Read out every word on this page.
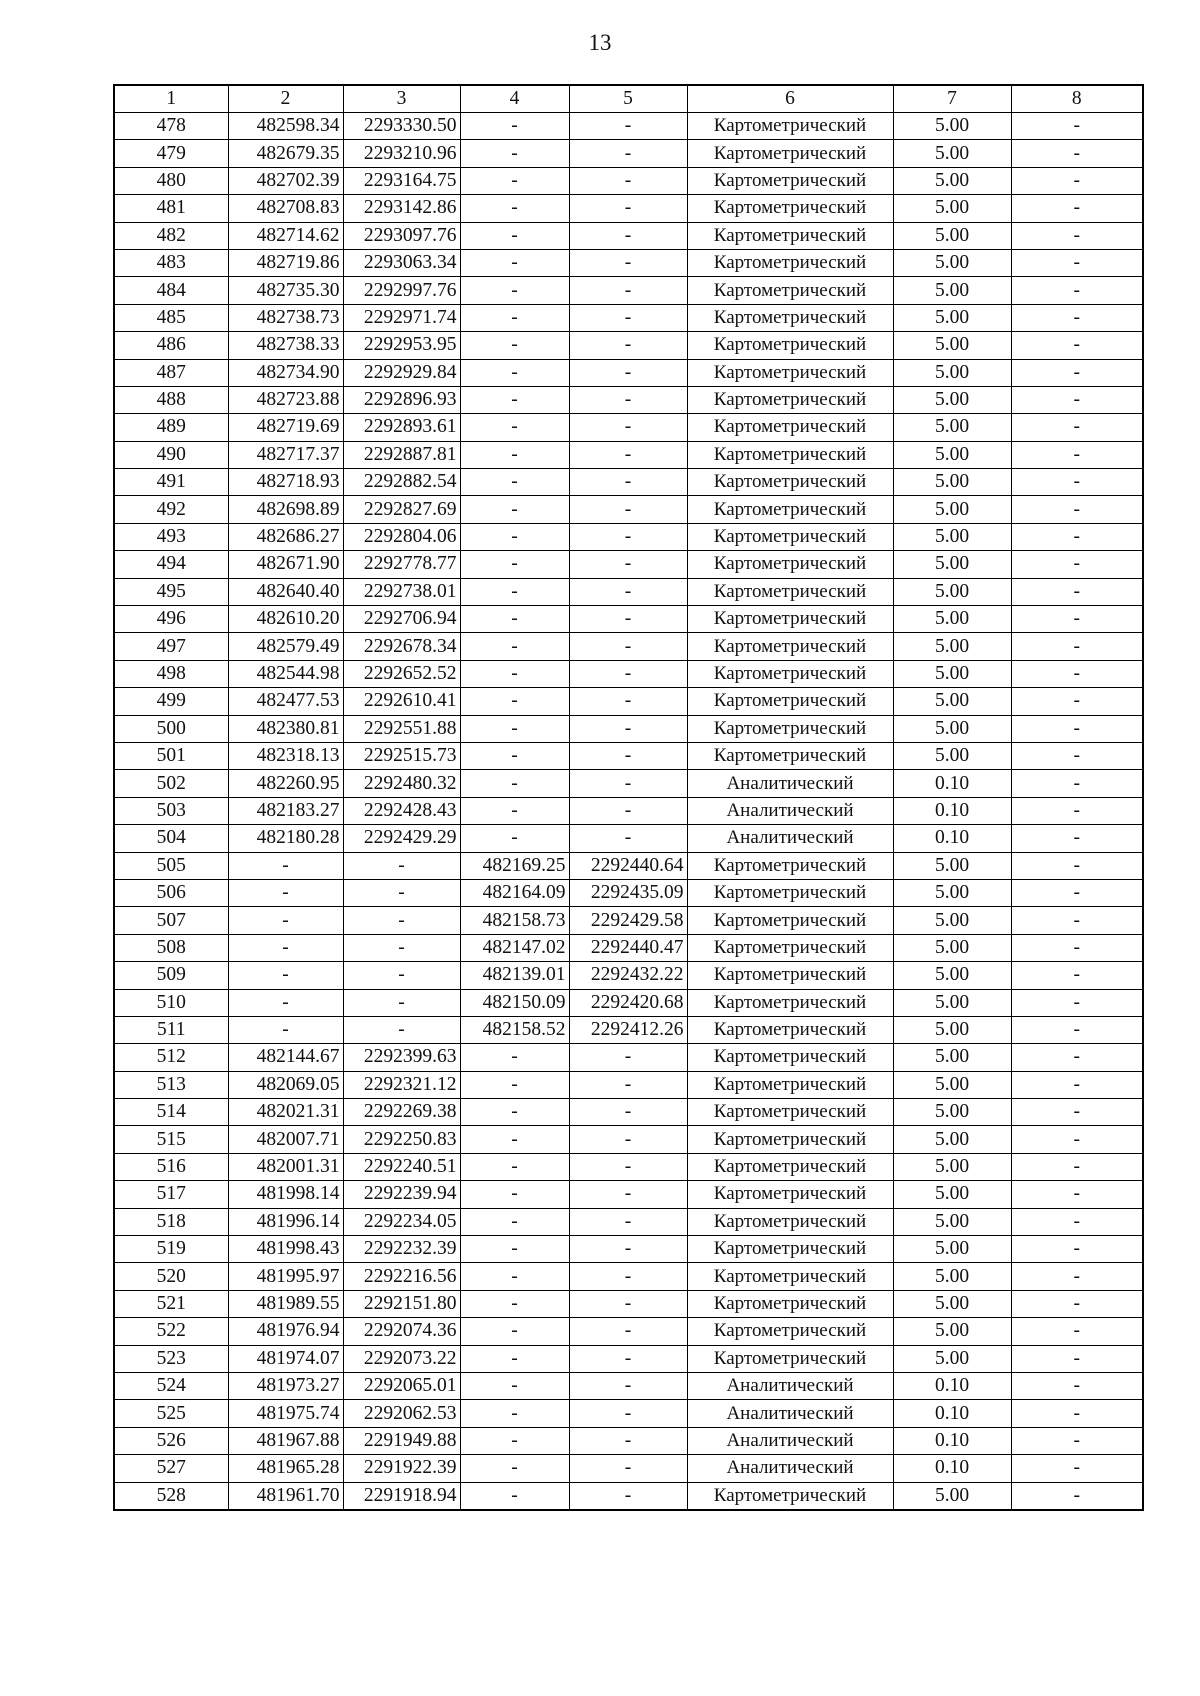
13
1	2	3	4	5	6	7	8
478	482598.34	2293330.50	-	-	Картометрический	5.00	-
479	482679.35	2293210.96	-	-	Картометрический	5.00	-
480	482702.39	2293164.75	-	-	Картометрический	5.00	-
481	482708.83	2293142.86	-	-	Картометрический	5.00	-
482	482714.62	2293097.76	-	-	Картометрический	5.00	-
483	482719.86	2293063.34	-	-	Картометрический	5.00	-
484	482735.30	2292997.76	-	-	Картометрический	5.00	-
485	482738.73	2292971.74	-	-	Картометрический	5.00	-
486	482738.33	2292953.95	-	-	Картометрический	5.00	-
487	482734.90	2292929.84	-	-	Картометрический	5.00	-
488	482723.88	2292896.93	-	-	Картометрический	5.00	-
489	482719.69	2292893.61	-	-	Картометрический	5.00	-
490	482717.37	2292887.81	-	-	Картометрический	5.00	-
491	482718.93	2292882.54	-	-	Картометрический	5.00	-
492	482698.89	2292827.69	-	-	Картометрический	5.00	-
493	482686.27	2292804.06	-	-	Картометрический	5.00	-
494	482671.90	2292778.77	-	-	Картометрический	5.00	-
495	482640.40	2292738.01	-	-	Картометрический	5.00	-
496	482610.20	2292706.94	-	-	Картометрический	5.00	-
497	482579.49	2292678.34	-	-	Картометрический	5.00	-
498	482544.98	2292652.52	-	-	Картометрический	5.00	-
499	482477.53	2292610.41	-	-	Картометрический	5.00	-
500	482380.81	2292551.88	-	-	Картометрический	5.00	-
501	482318.13	2292515.73	-	-	Картометрический	5.00	-
502	482260.95	2292480.32	-	-	Аналитический	0.10	-
503	482183.27	2292428.43	-	-	Аналитический	0.10	-
504	482180.28	2292429.29	-	-	Аналитический	0.10	-
505	-	-	482169.25	2292440.64	Картометрический	5.00	-
506	-	-	482164.09	2292435.09	Картометрический	5.00	-
507	-	-	482158.73	2292429.58	Картометрический	5.00	-
508	-	-	482147.02	2292440.47	Картометрический	5.00	-
509	-	-	482139.01	2292432.22	Картометрический	5.00	-
510	-	-	482150.09	2292420.68	Картометрический	5.00	-
511	-	-	482158.52	2292412.26	Картометрический	5.00	-
512	482144.67	2292399.63	-	-	Картометрический	5.00	-
513	482069.05	2292321.12	-	-	Картометрический	5.00	-
514	482021.31	2292269.38	-	-	Картометрический	5.00	-
515	482007.71	2292250.83	-	-	Картометрический	5.00	-
516	482001.31	2292240.51	-	-	Картометрический	5.00	-
517	481998.14	2292239.94	-	-	Картометрический	5.00	-
518	481996.14	2292234.05	-	-	Картометрический	5.00	-
519	481998.43	2292232.39	-	-	Картометрический	5.00	-
520	481995.97	2292216.56	-	-	Картометрический	5.00	-
521	481989.55	2292151.80	-	-	Картометрический	5.00	-
522	481976.94	2292074.36	-	-	Картометрический	5.00	-
523	481974.07	2292073.22	-	-	Картометрический	5.00	-
524	481973.27	2292065.01	-	-	Аналитический	0.10	-
525	481975.74	2292062.53	-	-	Аналитический	0.10	-
526	481967.88	2291949.88	-	-	Аналитический	0.10	-
527	481965.28	2291922.39	-	-	Аналитический	0.10	-
528	481961.70	2291918.94	-	-	Картометрический	5.00	-
